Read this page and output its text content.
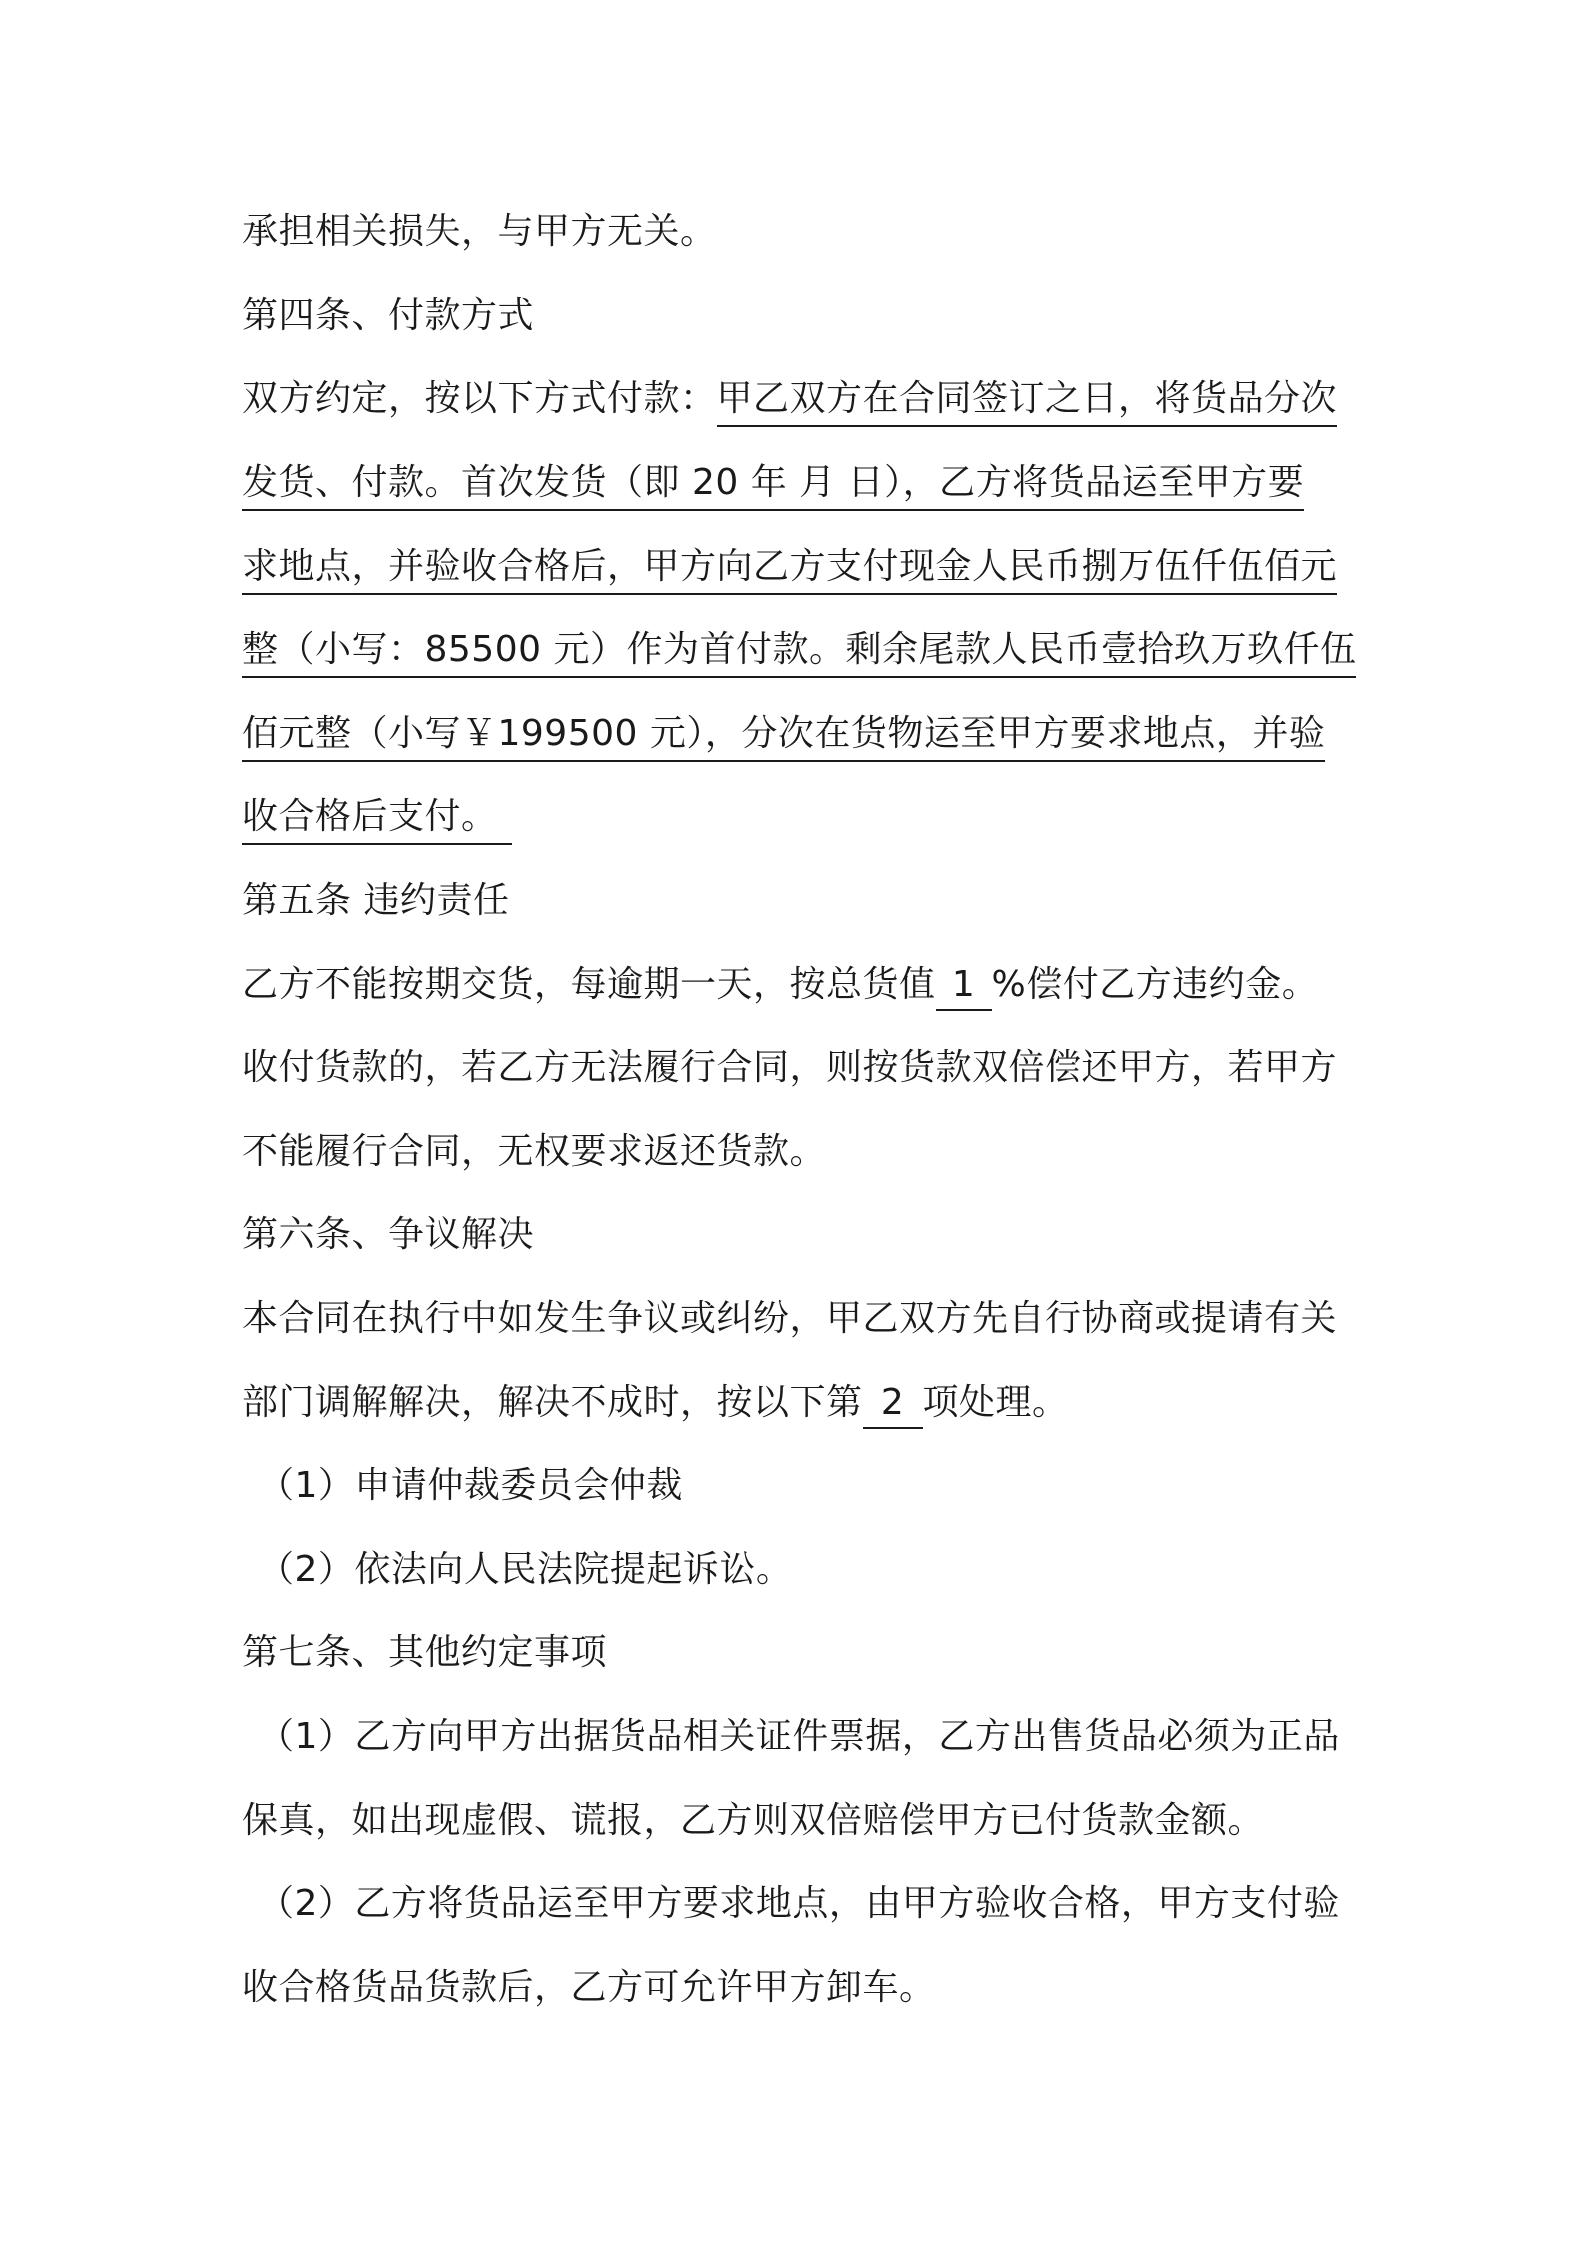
承担相关损失，与甲方无关。
第四条、付款方式
双方约定，按以下方式付款：甲乙双方在合同签订之日，将货品分次
发货、付款。首次发货（即 20 年 月 日），乙方将货品运至甲方要
求地点，并验收合格后，甲方向乙方支付现金人民币捌万伍仟伍佰元
整（小写：85500 元）作为首付款。剩余尾款人民币壹拾玖万玖仟伍
佰元整（小写￥199500 元），分次在货物运至甲方要求地点，并验
收合格后支付。
第五条 违约责任
乙方不能按期交货，每逾期一天，按总货值 1 %偿付乙方违约金。
收付货款的，若乙方无法履行合同，则按货款双倍偿还甲方，若甲方
不能履行合同，无权要求返还货款。
第六条、争议解决
本合同在执行中如发生争议或纠纷，甲乙双方先自行协商或提请有关
部门调解解决，解决不成时，按以下第 2 项处理。
（1）申请仲裁委员会仲裁
（2）依法向人民法院提起诉讼。
第七条、其他约定事项
（1）乙方向甲方出据货品相关证件票据，乙方出售货品必须为正品
保真，如出现虚假、谎报，乙方则双倍赔偿甲方已付货款金额。
（2）乙方将货品运至甲方要求地点，由甲方验收合格，甲方支付验
收合格货品货款后，乙方可允许甲方卸车。
